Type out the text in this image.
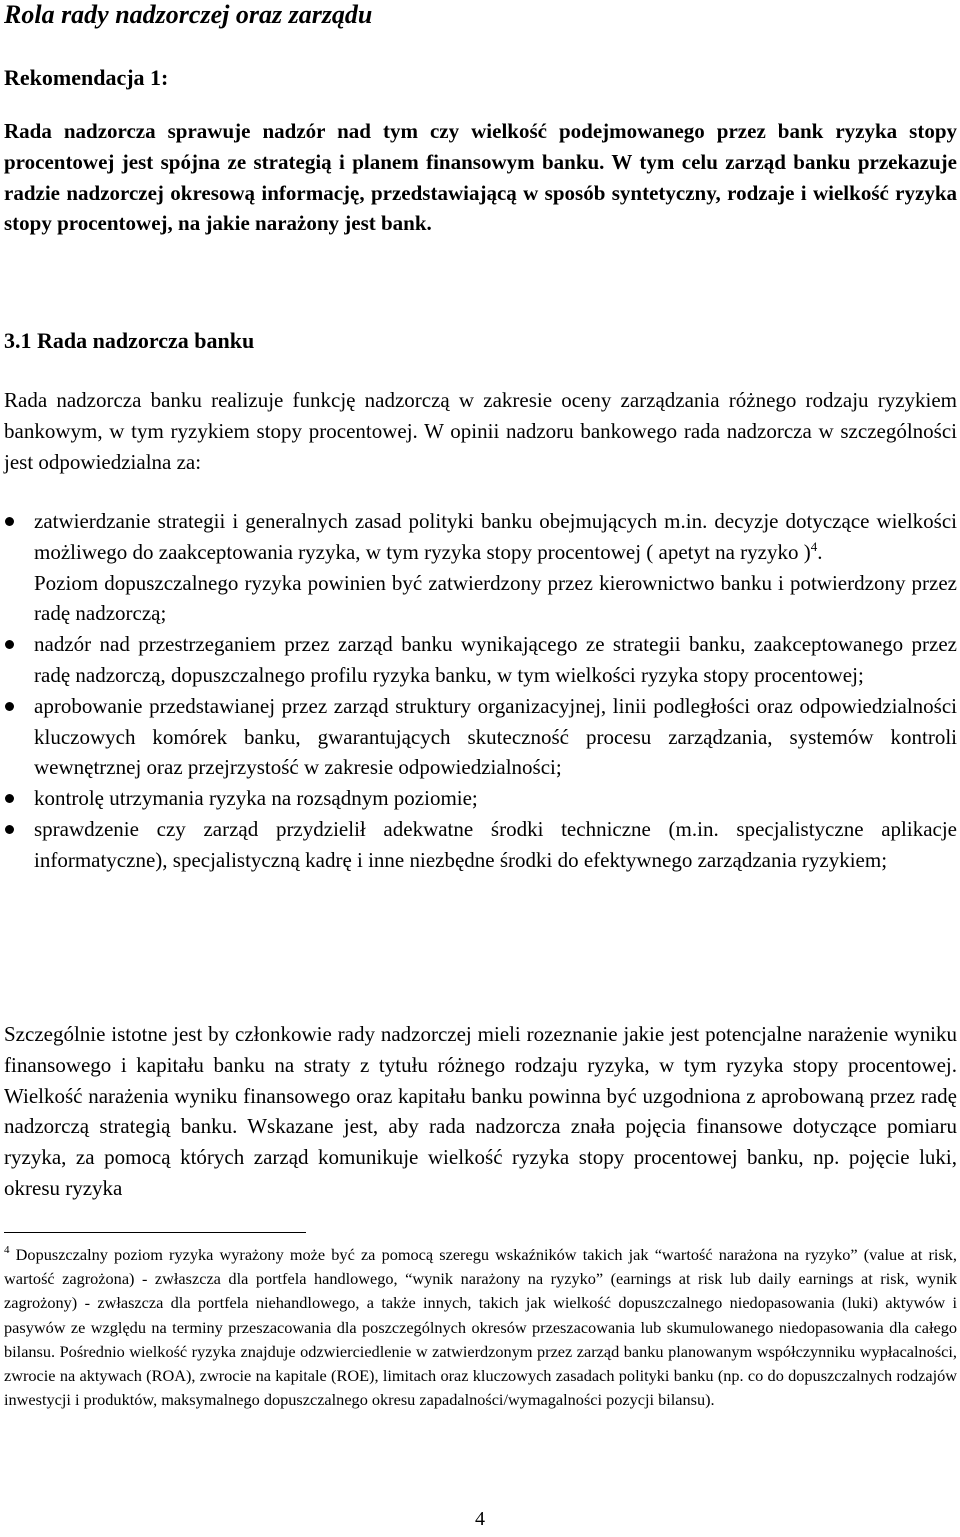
Rola rady nadzorczej oraz zarządu
Rekomendacja 1:

Rada nadzorcza sprawuje nadzór nad tym czy wielkość podejmowanego przez bank ryzyka stopy procentowej jest spójna ze strategią i planem finansowym banku. W tym celu zarząd banku przekazuje radzie nadzorczej okresową informację, przedstawiającą w sposób syntetyczny, rodzaje i wielkość ryzyka stopy procentowej, na jakie narażony jest bank.

3.1 Rada nadzorcza banku

Rada nadzorcza banku realizuje funkcję nadzorczą w zakresie oceny zarządzania różnego rodzaju ryzykiem bankowym, w tym ryzykiem stopy procentowej. W opinii nadzoru bankowego rada nadzorcza w szczególności jest odpowiedzialna za:

zatwierdzanie strategii i generalnych zasad polityki banku obejmujących m.in. decyzje dotyczące wielkości możliwego do zaakceptowania ryzyka, w tym ryzyka stopy procentowej ( apetyt na ryzyko )$^4$.

Poziom dopuszczalnego ryzyka powinien być zatwierdzony przez kierownictwo banku i potwierdzony przez radę nadzorczą;

nadzór nad przestrzeganiem przez zarząd banku wynikającego ze strategii banku, zaakceptowanego przez radę nadzorczą, dopuszczalnego profilu ryzyka banku, w tym wielkości ryzyka stopy procentowej;
aprobowanie przedstawianej przez zarząd struktury organizacyjnej, linii podległości oraz odpowiedzialności kluczowych komórek banku, gwarantujących skuteczność procesu zarządzania, systemów kontroli wewnętrznej oraz przejrzystość w zakresie odpowiedzialności;
kontrolę utrzymania ryzyka na rozsądnym poziomie;
sprawdzenie czy zarząd przydzielił adekwatne środki techniczne (m.in. specjalistyczne aplikacje informatyczne), specjalistyczną kadrę i inne niezbędne środki do efektywnego zarządzania ryzykiem;

Szczególnie istotne jest by członkowie rady nadzorczej mieli rozeznanie jakie jest potencjalne narażenie wyniku finansowego i kapitału banku na straty z tytułu różnego rodzaju ryzyka, w tym ryzyka stopy procentowej. Wielkość narażenia wyniku finansowego oraz kapitału banku powinna być uzgodniona z aprobowaną przez radę nadzorczą strategią banku. Wskazane jest, aby rada nadzorcza znała pojęcia finansowe dotyczące pomiaru ryzyka, za pomocą których zarząd komunikuje wielkość ryzyka stopy procentowej banku, np. pojęcie luki, okresu ryzyka

$^4$ Dopuszczalny poziom ryzyka wyrażony może być za pomocą szeregu wskaźników takich jak “wartość narażona na ryzyko” (value at risk, wartość zagrożona) - zwłaszcza dla portfela handlowego, “wynik narażony na ryzyko” (earnings at risk lub daily earnings at risk, wynik zagrożony) - zwłaszcza dla portfela niehandlowego, a także innych, takich jak wielkość dopuszczalnego niedopasowania (luki) aktywów i pasywów ze względu na terminy przeszacowania dla poszczególnych okresów przeszacowania lub skumulowanego niedopasowania dla całego bilansu. Pośrednio wielkość ryzyka znajduje odzwierciedlenie w zatwierdzonym przez zarząd banku planowanym współczynniku wypłacalności, zwrocie na aktywach (ROA), zwrocie na kapitale (ROE), limitach oraz kluczowych zasadach polityki banku (np. co do dopuszczalnych rodzajów inwestycji i produktów, maksymalnego dopuszczalnego okresu zapadalności/wymagalności pozycji bilansu).

4
